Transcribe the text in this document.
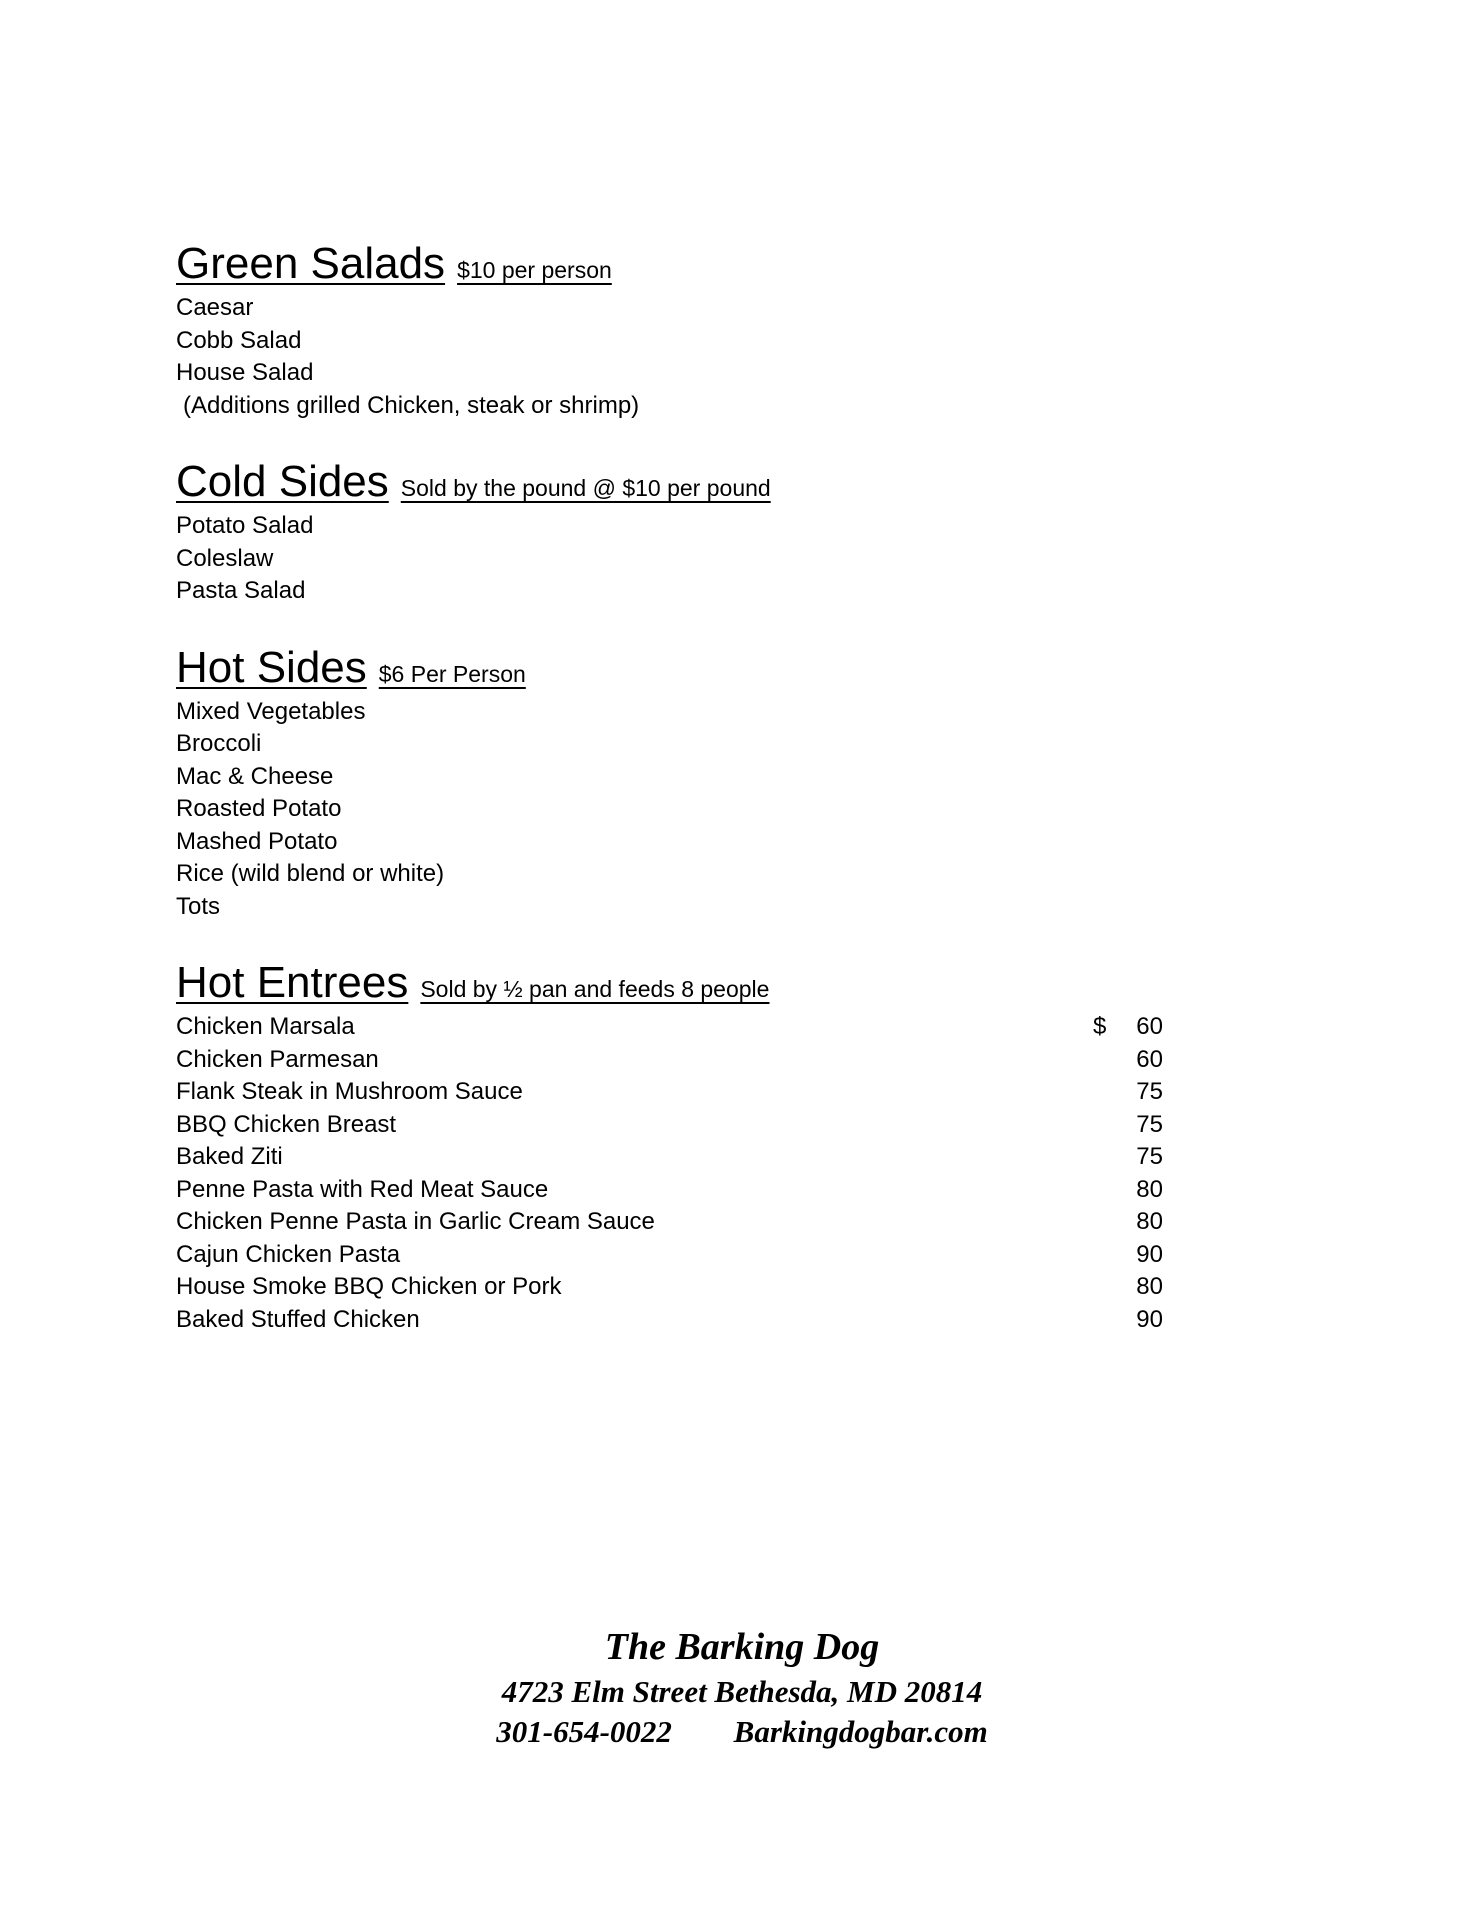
Green Salads $10 per person
Caesar
Cobb Salad
House Salad
(Additions grilled Chicken, steak or shrimp)
Cold Sides Sold by the pound @ $10 per pound
Potato Salad
Coleslaw
Pasta Salad
Hot Sides $6 Per Person
Mixed Vegetables
Broccoli
Mac & Cheese
Roasted Potato
Mashed Potato
Rice (wild blend or white)
Tots
Hot Entrees Sold by ½ pan and feeds 8 people
Chicken Marsala	$	60
Chicken Parmesan	60
Flank Steak in Mushroom Sauce	75
BBQ Chicken Breast	75
Baked Ziti	75
Penne Pasta with Red Meat Sauce	80
Chicken Penne Pasta in Garlic Cream Sauce	80
Cajun Chicken Pasta	90
House Smoke BBQ Chicken or Pork	80
Baked Stuffed Chicken	90
The Barking Dog
4723 Elm Street Bethesda, MD 20814
301-654-0022 Barkingdogbar.com
